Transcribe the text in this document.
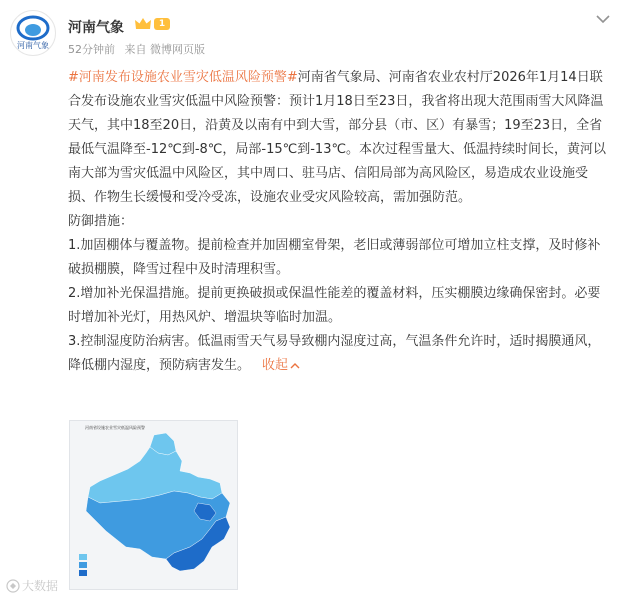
河南气象
河南气象	1
52分钟前 来自 微博网页版

#河南发布设施农业雪灾低温风险预警#河南省气象局、河南省农业农村厅2026年1月14日联合发布设施农业雪灾低温中风险预警：预计1月18日至23日，我省将出现大范围雨雪大风降温天气，其中18至20日，沿黄及以南有中到大雪，部分县（市、区）有暴雪；19至23日，全省最低气温降至-12℃到-8℃，局部-15℃到-13℃。本次过程雪量大、低温持续时间长，黄河以南大部为雪灾低温中风险区，其中周口、驻马店、信阳局部为高风险区，易造成农业设施受损、作物生长缓慢和受冷受冻，设施农业受灾风险较高，需加强防范。

防御措施：

1.加固棚体与覆盖物。提前检查并加固棚室骨架，老旧或薄弱部位可增加立柱支撑，及时修补破损棚膜，降雪过程中及时清理积雪。

2.增加补光保温措施。提前更换破损或保温性能差的覆盖材料，压实棚膜边缘确保密封。必要时增加补光灯，用热风炉、增温块等临时加温。

3.控制湿度防治病害。低温雨雪天气易导致棚内湿度过高，气温条件允许时，适时揭膜通风，降低棚内湿度，预防病害发生。 收起

河南省设施农业雪灾低温风险预警
大数据
